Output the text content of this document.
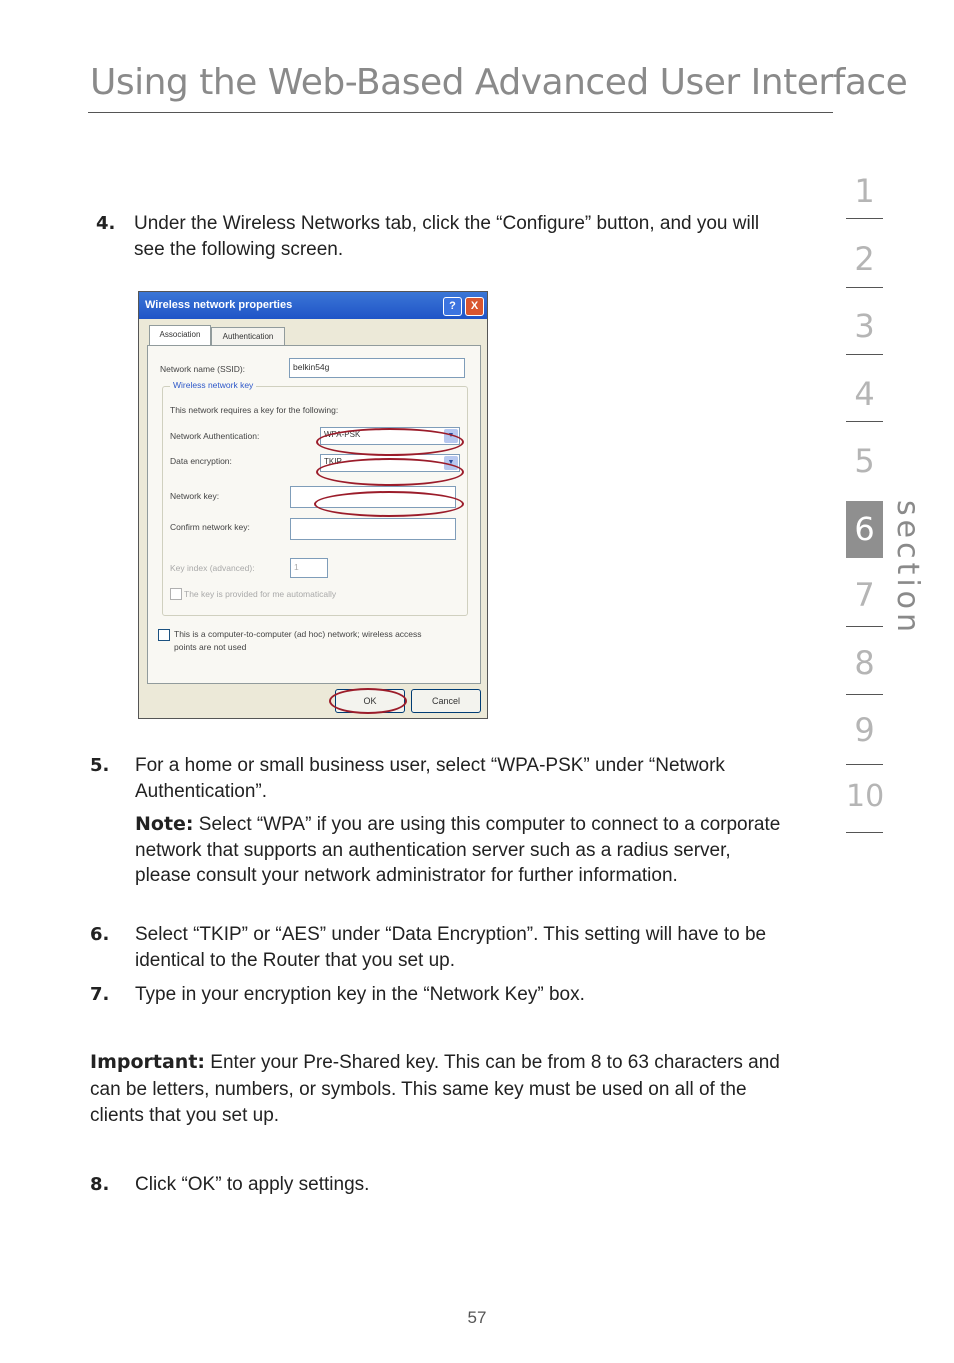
Using the Web-Based Advanced User Interface
4. Under the Wireless Networks tab, click the “Configure” button, and you will see the following screen.
Wireless network properties	?	X
Association	Authentication
Network name (SSID):	belkin54g
Wireless network key
This network requires a key for the following:
Network Authentication:	WPA-PSK	▼
Data encryption:	TKIP	▼
Network key:
Confirm network key:
Key index (advanced):	1
The key is provided for me automatically
This is a computer-to-computer (ad hoc) network; wireless access points are not used
OK	Cancel
5. For a home or small business user, select “WPA-PSK” under “Network Authentication”.
Note: Select “WPA” if you are using this computer to connect to a corporate network that supports an authentication server such as a radius server, please consult your network administrator for further information.
6. Select “TKIP” or “AES” under “Data Encryption”. This setting will have to be identical to the Router that you set up.
7. Type in your encryption key in the “Network Key” box.
Important: Enter your Pre-Shared key. This can be from 8 to 63 characters and can be letters, numbers, or symbols. This same key must be used on all of the clients that you set up.
8. Click “OK” to apply settings.
1
2
3
4
5
6
7
8
9
10
section
57
